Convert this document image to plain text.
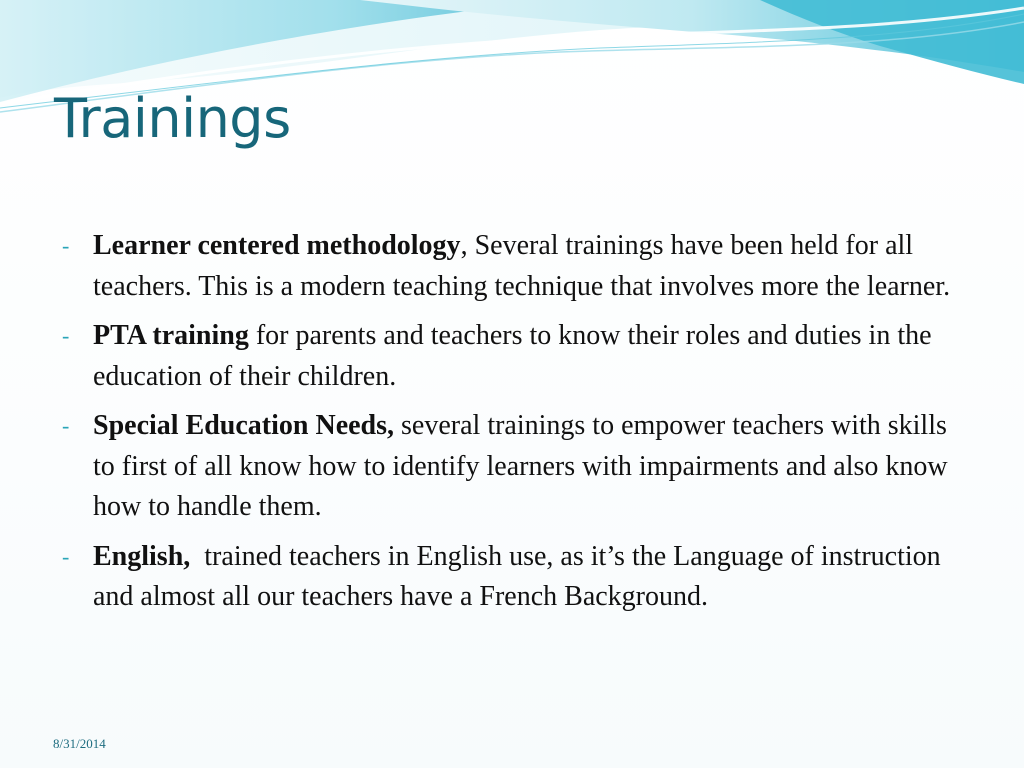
Trainings
- Learner centered methodology, Several trainings have been held for all teachers. This is a modern teaching technique that involves more the learner.
- PTA training for parents and teachers to know their roles and duties in the education of their children.
- Special Education Needs, several trainings to empower teachers with skills to first of all know how to identify learners with impairments and also know how to handle them.
- English,  trained teachers in English use, as it’s the Language of instruction and almost all our teachers have a French Background.
8/31/2014
